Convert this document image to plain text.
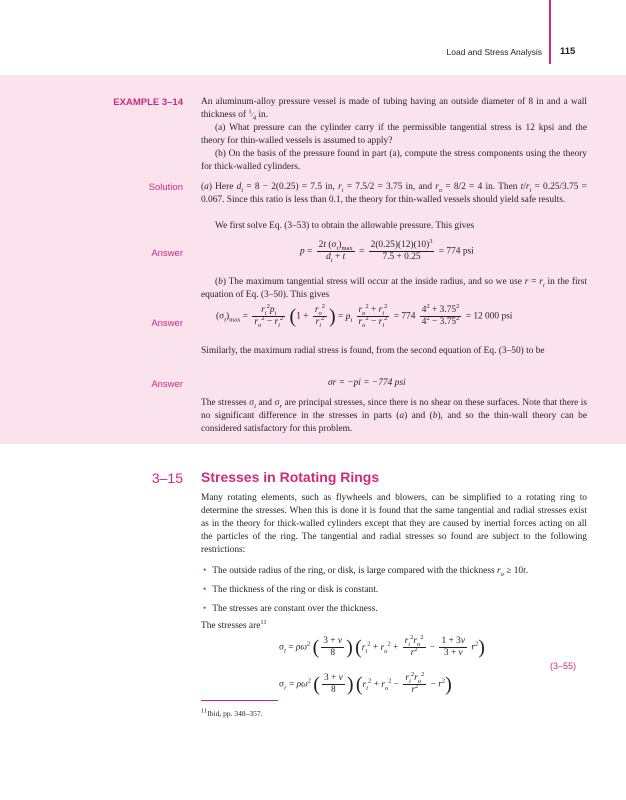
Load and Stress Analysis 115
EXAMPLE 3–14 An aluminum-alloy pressure vessel is made of tubing having an outside diameter of 8 in and a wall thickness of $^1⁄_4$ in.
(a) What pressure can the cylinder carry if the permissible tangential stress is 12 kpsi and the theory for thin-walled vessels is assumed to apply?
(b) On the basis of the pressure found in part (a), compute the stress components using the theory for thick-walled cylinders.
Solution (a) Here $d_i = 8 - 2(0.25) = 7.5$ in, $r_i = 7.5/2 = 3.75$ in, and $r_o = 8/2 = 4$ in. Then $t/r_i = 0.25/3.75 = 0.067$. Since this ratio is less than 0.1, the theory for thin-walled vessels should yield safe results.
We first solve Eq. (3–53) to obtain the allowable pressure. This gives
Answer	$p = \frac{2t (\sigma_t)_{max}}{d_i + t} = \frac{2(0.25)(12)(10)^3}{7.5 + 0.25} = 774$ psi
(b) The maximum tangential stress will occur at the inside radius, and so we use $r = r_i$ in the first equation of Eq. (3–50). This gives
Answer
$(\sigma_t)_{max} = \frac{r_i^2p_i}{r_o^2 - r_i^2} (1 + \frac{r_o^2}{r_i^2}$ ) = $p_i \frac{r_o^2 + r_i^2}{r_o^2 - r_i^2} = 774 \frac{4^2 + 3.75^2}{4^2 - 3.75^2} = 12$ 000 psi
Similarly, the maximum radial stress is found, from the second equation of Eq. (3–50) to be
Answer	σr = −pi = −774 psi
The stresses $\sigma_t$ and $\sigma_r$ are principal stresses, since there is no shear on these surfaces. Note that there is no significant difference in the stresses in parts (a) and (b), and so the thin-wall theory can be considered satisfactory for this problem.
3–15 Stresses in Rotating Rings
Many rotating elements, such as flywheels and blowers, can be simplified to a rotating ring to determine the stresses. When this is done it is found that the same tangential and radial stresses exist as in the theory for thick-walled cylinders except that they are caused by inertial forces acting on all the particles of the ring. The tangential and radial stresses so found are subject to the following restrictions:
• The outside radius of the ring, or disk, is large compared with the thickness $r_o \ge 10t$.
• The thickness of the ring or disk is constant.
• The stresses are constant over the thickness.
The stresses are$^{11}$
$\sigma_t = \rho\omega^2$ ( $\frac{3 + \nu}{8}$ ) $(r_i^2 + r_o^2 + \frac{r_i^2r_o^2}{r^2} - \frac{1 + 3\nu}{3 + \nu} r^2)$
$\sigma_r = \rho\omega^2$ ( $\frac{3 + \nu}{8}$ ) $(r_i^2 + r_o^2 - \frac{r_i^2r_o^2}{r^2} - r^2)$
(3–55)
$^{11}$Ibid, pp. 348–357.
